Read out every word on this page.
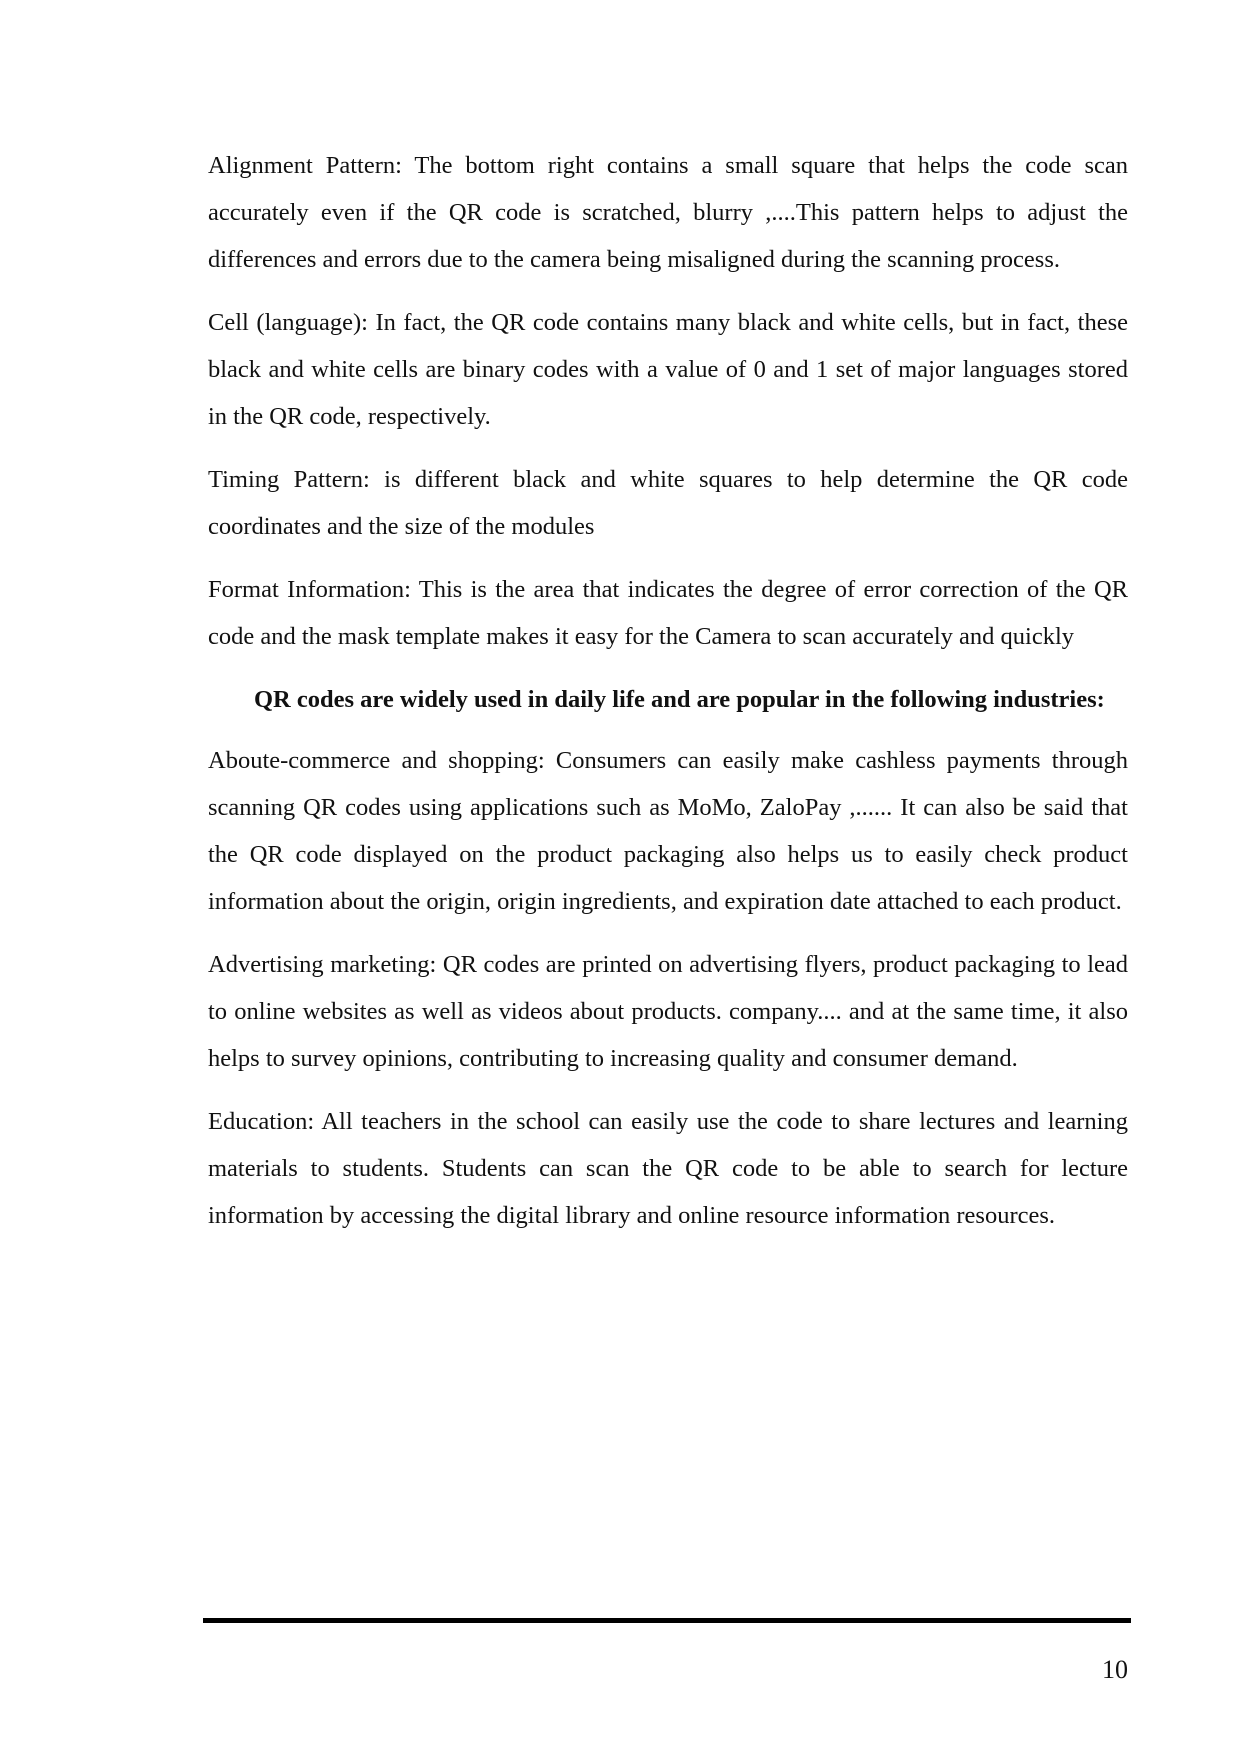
Alignment Pattern: The bottom right contains a small square that helps the code scan accurately even if the QR code is scratched, blurry ,....This pattern helps to adjust the differences and errors due to the camera being misaligned during the scanning process.

Cell (language): In fact, the QR code contains many black and white cells, but in fact, these black and white cells are binary codes with a value of 0 and 1 set of major languages stored in the QR code, respectively.

Timing Pattern: is different black and white squares to help determine the QR code coordinates and the size of the modules

Format Information: This is the area that indicates the degree of error correction of the QR code and the mask template makes it easy for the Camera to scan accurately and quickly

QR codes are widely used in daily life and are popular in the following industries:

Aboute-commerce and shopping: Consumers can easily make cashless payments through scanning QR codes using applications such as MoMo, ZaloPay ,...... It can also be said that the QR code displayed on the product packaging also helps us to easily check product information about the origin, origin ingredients, and expiration date attached to each product.

Advertising marketing: QR codes are printed on advertising flyers, product packaging to lead to online websites as well as videos about products. company.... and at the same time, it also helps to survey opinions, contributing to increasing quality and consumer demand.

Education: All teachers in the school can easily use the code to share lectures and learning materials to students. Students can scan the QR code to be able to search for lecture information by accessing the digital library and online resource information resources.

10
